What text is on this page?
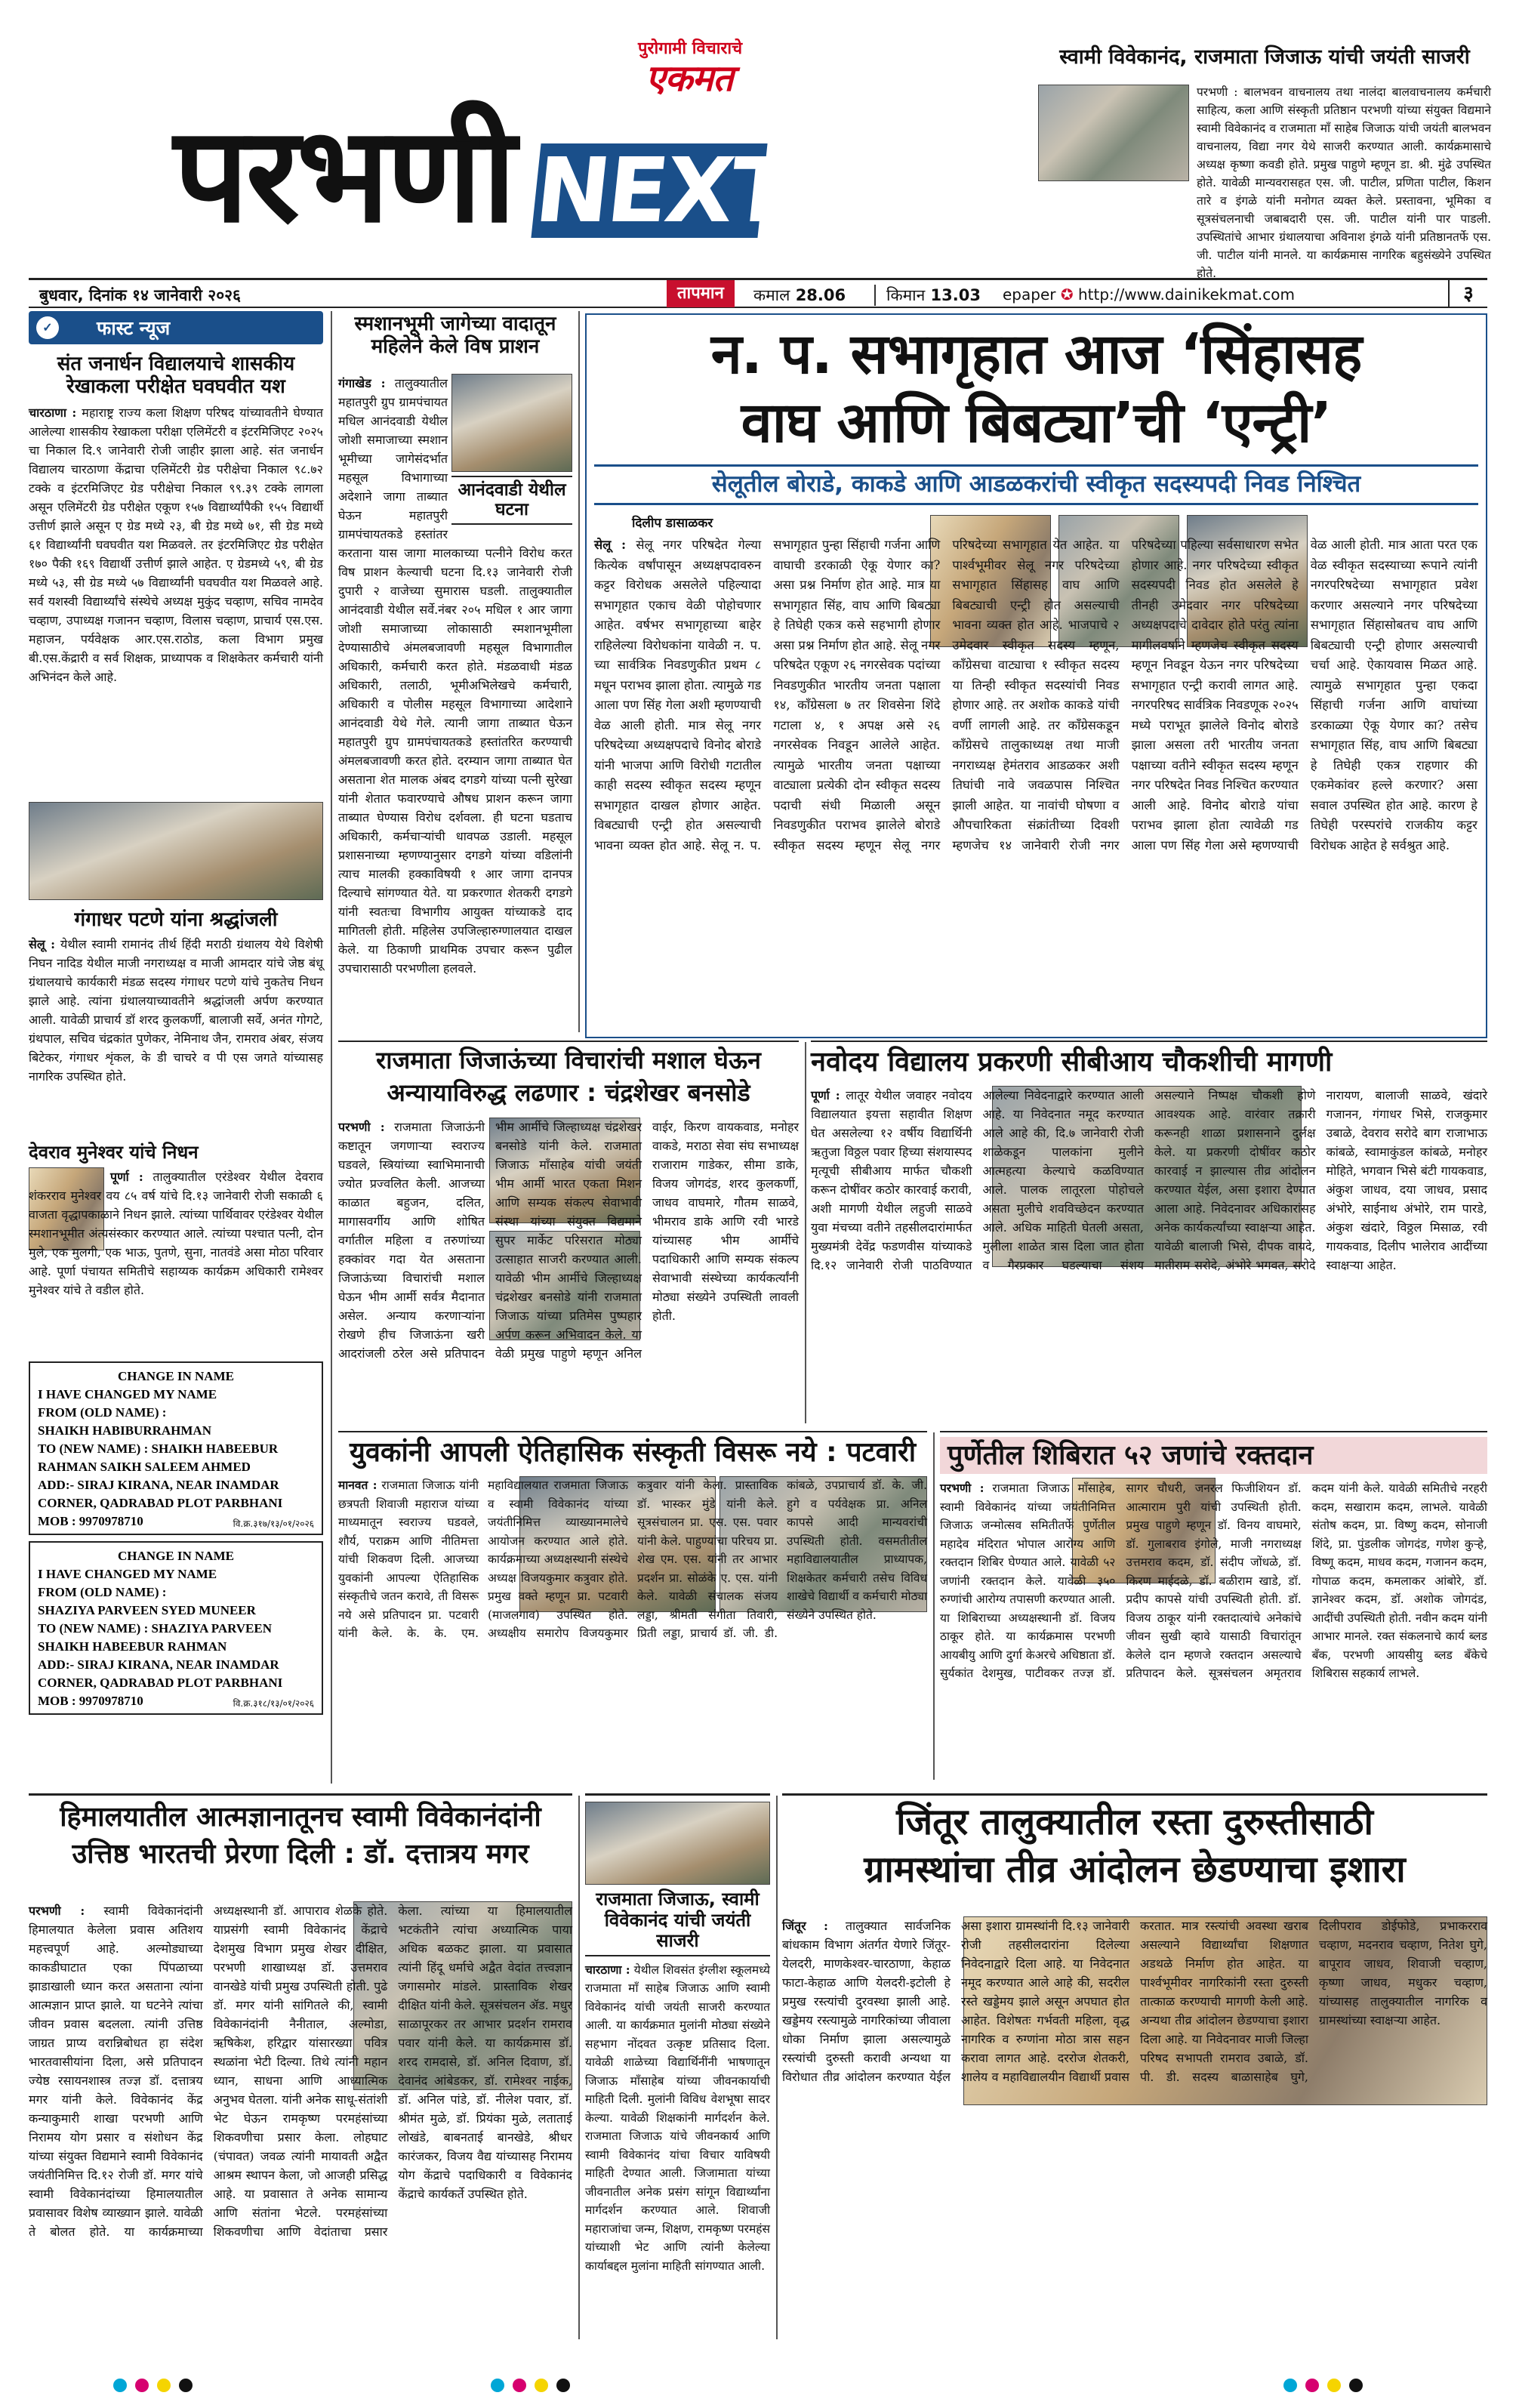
पुरोगामी विचाराचे
एकमत
परभणी NEXT
स्वामी विवेकानंद, राजमाता जिजाऊ यांची जयंती साजरी
परभणी : बालभवन वाचनालय तथा नालंदा बालवाचनालय कर्मचारी साहित्य, कला आणि संस्कृती प्रतिष्ठान परभणी यांच्या संयुक्त विद्यमाने स्वामी विवेकानंद व राजमाता माँ साहेब जिजाऊ यांची जयंती बालभवन वाचनालय, विद्या नगर येथे साजरी करण्यात आली. कार्यक्रमासाचे अध्यक्ष कृष्णा कवडी होते. प्रमुख पाहुणे म्हणून डा. श्री. मुंढे उपस्थित होते. यावेळी मान्यवरासहत एस. जी. पाटील, प्रणिता पाटील, किशन तारे व इंगळे यांनी मनोगत व्यक्त केले. प्रस्तावना, भूमिका व सूत्रसंचलनाची जबाबदारी एस. जी. पाटील यांनी पार पाडली. उपस्थितांचे आभार ग्रंथालयाचा अविनाश इंगळे यांनी प्रतिष्ठानतर्फे एस. जी. पाटील यांनी मानले. या कार्यक्रमास नागरिक बहुसंख्येने उपस्थित होते.
बुधवार, दिनांक १४ जानेवारी २०२६	तापमान	कमाल 28.06	किमान 13.03 epaper ✪ http://www.dainikekmat.com	३
✓	फास्ट न्यूज
संत जनार्धन विद्यालयाचे शासकीय रेखाकला परीक्षेत घवघवीत यश
चारठाणा : महाराष्ट्र राज्य कला शिक्षण परिषद यांच्यावतीने घेण्यात आलेल्या शासकीय रेखाकला परीक्षा एलिमेंटरी व इंटरमिजिएट २०२५ चा निकाल दि.९ जानेवारी रोजी जाहीर झाला आहे. संत जनार्धन विद्यालय चारठाणा केंद्राचा एलिमेंटरी ग्रेड परीक्षेचा निकाल ९८.७२ टक्के व इंटरमिजिएट ग्रेड परीक्षेचा निकाल ९९.३९ टक्के लागला असून एलिमेंटरी ग्रेड परीक्षेत एकूण १५७ विद्यार्थ्यांपैकी १५५ विद्यार्थी उत्तीर्ण झाले असून ए ग्रेड मध्ये २३, बी ग्रेड मध्ये ७१, सी ग्रेड मध्ये ६१ विद्यार्थ्यांनी घवघवीत यश मिळवले. तर इंटरमिजिएट ग्रेड परीक्षेत १७० पैकी १६९ विद्यार्थी उत्तीर्ण झाले आहेत. ए ग्रेडमध्ये ५९, बी ग्रेड मध्ये ५३, सी ग्रेड मध्ये ५७ विद्यार्थ्यांनी घवघवीत यश मिळवले आहे. सर्व यशस्वी विद्यार्थ्यांचे संस्थेचे अध्यक्ष मुकुंद चव्हाण, सचिव नामदेव चव्हाण, उपाध्यक्ष गजानन चव्हाण, विलास चव्हाण, प्राचार्य एस.एस. महाजन, पर्यवेक्षक आर.एस.राठोड, कला विभाग प्रमुख बी.एस.केंद्रारी व सर्व शिक्षक, प्राध्यापक व शिक्षकेतर कर्मचारी यांनी अभिनंदन केले आहे.
गंगाधर पटणे यांना श्रद्धांजली
सेलू : येथील स्वामी रामानंद तीर्थ हिंदी मराठी ग्रंथालय येथे विशेषी निघन नादिड येथील माजी नगराध्यक्ष व माजी आमदार यांचे जेष्ठ बंधू ग्रंथालयाचे कार्यकारी मंडळ सदस्य गंगाधर पटणे यांचे नुकतेच निधन झाले आहे. त्यांना ग्रंथालयाच्यावतीने श्रद्धांजली अर्पण करण्यात आली. यावेळी प्राचार्य डॉ शरद कुलकर्णी, बालाजी सर्वे, अनंत गोगटे, ग्रंथपाल, सचिव चंद्रकांत पुणेकर, नेमिनाथ जैन, रामराव अंबर, संजय बिटेकर, गंगाधर शृंकल, के डी चाचरे व पी एस जगते यांच्यासह नागरिक उपस्थित होते.
देवराव मुनेश्वर यांचे निधन
पूर्णा : तालुक्यातील एरंडेश्वर येथील देवराव शंकरराव मुनेश्वर वय ८५ वर्ष यांचे दि.१३ जानेवारी रोजी सकाळी ६ वाजता वृद्धापकाळाने निधन झाले. त्यांच्या पार्थिवावर एरंडेश्वर येथील स्मशानभूमीत अंत्यसंस्कार करण्यात आले. त्यांच्या पश्चात पत्नी, दोन मुले, एक मुलगी, एक भाऊ, पुतणे, सुना, नातवंडे असा मोठा परिवार आहे. पूर्णा पंचायत समितीचे सहाय्यक कार्यक्रम अधिकारी रामेश्वर मुनेश्वर यांचे ते वडील होते.
CHANGE IN NAME
I HAVE CHANGED MY NAME
FROM (OLD NAME) :
SHAIKH HABIBURRAHMAN
TO (NEW NAME) : SHAIKH HABEEBUR
RAHMAN SAIKH SALEEM AHMED
ADD:- SIRAJ KIRANA, NEAR INAMDAR
CORNER, QADRABAD PLOT PARBHANI
MOB : 9970978710	वि.क्र.३१७/१३/०१/२०२६
CHANGE IN NAME
I HAVE CHANGED MY NAME
FROM (OLD NAME) :
SHAZIYA PARVEEN SYED MUNEER
TO (NEW NAME) : SHAZIYA PARVEEN
SHAIKH HABEEBUR RAHMAN
ADD:- SIRAJ KIRANA, NEAR INAMDAR
CORNER, QADRABAD PLOT PARBHANI
MOB : 9970978710	वि.क्र.३१८/१३/०१/२०२६
स्मशानभूमी जागेच्या वादातून महिलेने केले विष प्राशन
आनंदवाडी येथील घटना
गंगाखेड : तालुक्यातील महातपुरी ग्रुप ग्रामपंचायत मधिल आनंदवाडी येथील जोशी समाजाच्या स्मशान भूमीच्या जागेसंदर्भात महसूल विभागाच्या अदेशाने जागा ताब्यात घेऊन महातपुरी ग्रामपंचायतकडे हस्तांतर करताना यास जागा मालकाच्या पत्नीने विरोध करत विष प्राशन केल्याची घटना दि.१३ जानेवारी रोजी दुपारी २ वाजेच्या सुमारास घडली. तालुक्यातील आनंदवाडी येथील सर्वे.नंबर २०५ मधिल १ आर जागा जोशी समाजाच्या लोकासाठी स्मशानभूमीला देण्यासाठीचे अंमलबजावणी महसूल विभागातील अधिकारी, कर्मचारी करत होते. मंडळवाधी मंडळ अधिकारी, तलाठी, भूमीअभिलेखचे कर्मचारी, अधिकारी व पोलीस महसूल विभागाच्या आदेशाने आनंदवाडी येथे गेले. त्यानी जागा ताब्यात घेऊन महातपुरी ग्रुप ग्रामपंचायतकडे हस्तांतरित करण्याची अंमलबजावणी करत होते. दरम्यान जागा ताब्यात घेत असताना शेत मालक अंबद दगडगे यांच्या पत्नी सुरेखा यांनी शेतात फवारण्याचे औषध प्राशन करून जागा ताब्यात घेण्यास विरोध दर्शवला. ही घटना घडताच अधिकारी, कर्मचाऱ्यांची धावपळ उडाली. महसूल प्रशासनाच्या म्हणण्यानुसार दगडगे यांच्या वडिलांनी त्याच मालकी हक्काविषयी १ आर जागा दानपत्र दिल्याचे सांगण्यात येते. या प्रकरणात शेतकरी दगडगे यांनी स्वतःचा विभागीय आयुक्त यांच्याकडे दाद मागितली होती. महिलेस उपजिल्हारुग्णालयात दाखल केले. या ठिकाणी प्राथमिक उपचार करून पुढील उपचारासाठी परभणीला हलवले.
न. प. सभागृहात आज ‘सिंहासह
वाघ आणि बिबट्या’ची ‘एन्ट्री’
सेलूतील बोराडे, काकडे आणि आडळकरांची स्वीकृत सदस्यपदी निवड निश्चित
दिलीप डासाळकर
सेलू : सेलू नगर परिषदेत गेल्या कित्येक वर्षांपासून अध्यक्षपदावरुन कट्टर विरोधक असलेले पहिल्यादा सभागृहात एकाच वेळी पोहोचणार आहेत. वर्षभर सभागृहाच्या बाहेर राहिलेल्या विरोधकांना यावेळी न. प. च्या सार्वत्रिक निवडणुकीत प्रथम ८ मधून पराभव झाला होता. त्यामुळे गड आला पण सिंह गेला अशी म्हणण्याची वेळ आली होती. मात्र सेलू नगर परिषदेच्या अध्यक्षपदाचे विनोद बोराडे यांनी भाजपा आणि विरोधी गटातील काही सदस्य स्वीकृत सदस्य म्हणून सभागृहात दाखल होणार आहेत. विबट्याची एन्ट्री होत असल्याची भावना व्यक्त होत आहे. सेलू न. प. सभागृहात पुन्हा सिंहाची गर्जना आणि वाघाची डरकाळी ऐकू येणार का? असा प्रश्न निर्माण होत आहे. मात्र या सभागृहात सिंह, वाघ आणि बिबट्या हे तिघेही एकत्र कसे सहभागी होणार असा प्रश्न निर्माण होत आहे. सेलू नगर परिषदेत एकूण २६ नगरसेवक पदांच्या निवडणुकीत भारतीय जनता पक्षाला १४, काँग्रेसला ७ तर शिवसेना शिंदे गटाला ४, १ अपक्ष असे २६ नगरसेवक निवडून आलेले आहेत. त्यामुळे भारतीय जनता पक्षाच्या वाट्याला प्रत्येकी दोन स्वीकृत सदस्य पदाची संधी मिळाली असून निवडणुकीत पराभव झालेले बोराडे स्वीकृत सदस्य म्हणून सेलू नगर परिषदेच्या सभागृहात येत आहेत. या पार्श्वभूमीवर सेलू नगर परिषदेच्या सभागृहात सिंहासह वाघ आणि बिबट्याची एन्ट्री होत असल्याची भावना व्यक्त होत आहे. भाजपाचे २ उमेदवार स्वीकृत सदस्य म्हणून, काँग्रेसचा वाट्याचा १ स्वीकृत सदस्य या तिन्ही स्वीकृत सदस्यांची निवड होणार आहे. तर अशोक काकडे यांची वर्णी लागली आहे. तर काँग्रेसकडून काँग्रेसचे तालुकाध्यक्ष तथा माजी नगराध्यक्ष हेमंतराव आडळकर अशी तिघांची नावे जवळपास निश्चित झाली आहेत. या नावांची घोषणा व औपचारिकता संक्रांतीच्या दिवशी म्हणजेच १४ जानेवारी रोजी नगर परिषदेच्या पहिल्या सर्वसाधारण सभेत होणार आहे. नगर परिषदेच्या स्वीकृत सदस्यपदी निवड होत असलेले हे तीनही उमेदवार नगर परिषदेच्या अध्यक्षपदाचे दावेदार होते परंतु त्यांना मागीलवर्षाने म्हणजेच स्वीकृत सदस्य म्हणून निवडून येऊन नगर परिषदेच्या सभागृहात एन्ट्री करावी लागत आहे. नगरपरिषद सार्वत्रिक निवडणूक २०२५ मध्ये पराभूत झालेले विनोद बोराडे झाला असला तरी भारतीय जनता पक्षाच्या वतीने स्वीकृत सदस्य म्हणून नगर परिषदेत निवड निश्चित करण्यात आली आहे. विनोद बोराडे यांचा पराभव झाला होता त्यावेळी गड आला पण सिंह गेला असे म्हणण्याची वेळ आली होती. मात्र आता परत एक वेळ स्वीकृत सदस्याच्या रूपाने त्यांनी नगरपरिषदेच्या सभागृहात प्रवेश करणार असल्याने नगर परिषदेच्या सभागृहात सिंहासोबतच वाघ आणि बिबट्याची एन्ट्री होणार असल्याची चर्चा आहे. ऐकायवास मिळत आहे. त्यामुळे सभागृहात पुन्हा एकदा सिंहाची गर्जना आणि वाघांच्या डरकाळ्या ऐकू येणार का? तसेच सभागृहात सिंह, वाघ आणि बिबट्या हे तिघेही एकत्र राहणार की एकमेकांवर हल्ले करणार? असा सवाल उपस्थित होत आहे. कारण हे तिघेही परस्परांचे राजकीय कट्टर विरोधक आहेत हे सर्वश्रुत आहे.
राजमाता जिजाऊंच्या विचारांची मशाल घेऊन
अन्यायाविरुद्ध लढणार : चंद्रशेखर बनसोडे
परभणी : राजमाता जिजाऊंनी कष्टातून जगणाऱ्या स्वराज्य घडवले, स्त्रियांच्या स्वाभिमानाची ज्योत प्रज्वलित केली. आजच्या काळात बहुजन, दलित, मागासवर्गीय आणि शोषित वर्गातील महिला व तरुणांच्या हक्कांवर गदा येत असताना जिजाऊंच्या विचारांची मशाल घेऊन भीम आर्मी सर्वत्र मैदानात असेल. अन्याय करणाऱ्यांना रोखणे हीच जिजाऊंना खरी आदरांजली ठरेल असे प्रतिपादन भीम आर्मीचे जिल्हाध्यक्ष चंद्रशेखर बनसोडे यांनी केले. राजमाता जिजाऊ माँसाहेब यांची जयंती भीम आर्मी भारत एकता मिशन आणि सम्यक संकल्प सेवाभावी संस्था यांच्या संयुक्त विद्यमाने सुपर मार्केट परिसरात मोठ्या उत्साहात साजरी करण्यात आली. यावेळी भीम आर्मीचे जिल्हाध्यक्ष चंद्रशेखर बनसोडे यांनी राजमाता जिजाऊ यांच्या प्रतिमेस पुष्पहार अर्पण करून अभिवादन केले. या वेळी प्रमुख पाहुणे म्हणून अनिल वाईर, किरण वायकवाड, मनोहर वाकडे, मराठा सेवा संघ सभाध्यक्ष राजाराम गाडेकर, सीमा डाके, विजय जोगदंड, शरद कुलकर्णी, जाधव वाघमारे, गौतम साळवे, भीमराव डाके आणि रवी भारडे यांच्यासह भीम आर्मीचे पदाधिकारी आणि सम्यक संकल्प सेवाभावी संस्थेच्या कार्यकर्त्यांनी मोठ्या संख्येने उपस्थिती लावली होती.
नवोदय विद्यालय प्रकरणी सीबीआय चौकशीची मागणी
पूर्णा : लातूर येथील जवाहर नवोदय विद्यालयात इयत्ता सहावीत शिक्षण घेत असलेल्या १२ वर्षीय विद्यार्थिनी ऋतुजा विठ्ठल पवार हिच्या संशयास्पद मृत्यूची सीबीआय मार्फत चौकशी करून दोषींवर कठोर कारवाई करावी, अशी मागणी येथील लहुजी साळवे युवा मंचच्या वतीने तहसीलदारांमार्फत मुख्यमंत्री देवेंद्र फडणवीस यांच्याकडे दि.१२ जानेवारी रोजी पाठविण्यात आलेल्या निवेदनाद्वारे करण्यात आली आहे. या निवेदनात नमूद करण्यात आले आहे की, दि.७ जानेवारी रोजी शाळेकडून पालकांना मुलीने आत्महत्या केल्याचे कळविण्यात आले. पालक लातूरला पोहोचले असता मुलीचे शवविच्छेदन करण्यात आले. अधिक माहिती घेतली असता, मुलीला शाळेत त्रास दिला जात होता व गैरप्रकार घडल्याचा संशय असल्याने निष्पक्ष चौकशी होणे आवश्यक आहे. वारंवार तक्रारी करूनही शाळा प्रशासनाने दुर्लक्ष केले. या प्रकरणी दोषींवर कठोर कारवाई न झाल्यास तीव्र आंदोलन करण्यात येईल, असा इशारा देण्यात आला आहे. निवेदनावर अधिकारांसह अनेक कार्यकर्त्यांच्या स्वाक्षऱ्या आहेत. यावेळी बालाजी भिसे, दीपक वायदे, मातीराम सरोदे, अंभोरे भगवत, सरोदे नारायण, बालाजी साळवे, खंदारे गजानन, गंगाधर भिसे, राजकुमार उबाळे, देवराव सरोदे बाग राजाभाऊ कांबळे, स्वामाकुंडल कांबळे, मनोहर मोहिते, भगवान भिसे बंटी गायकवाड, अंकुश जाधव, दया जाधव, प्रसाद अंभोरे, साईनाथ अंभोरे, राम पारडे, अंकुश खंदारे, विठ्ठल मिसाळ, रवी गायकवाड, दिलीप भालेराव आदींच्या स्वाक्षऱ्या आहेत.
युवकांनी आपली ऐतिहासिक संस्कृती विसरू नये : पटवारी
मानवत : राजमाता जिजाऊ यांनी छत्रपती शिवाजी महाराज यांच्या माध्यमातून स्वराज्य घडवले, शौर्य, पराक्रम आणि नीतिमत्ता यांची शिकवण दिली. आजच्या युवकांनी आपल्या ऐतिहासिक संस्कृतीचे जतन करावे, ती विसरू नये असे प्रतिपादन प्रा. पटवारी यांनी केले. के. के. एम. महाविद्यालयात राजमाता जिजाऊ व स्वामी विवेकानंद यांच्या जयंतीनिमित्त व्याख्यानमालेचे आयोजन करण्यात आले होते. कार्यक्रमाच्या अध्यक्षस्थानी संस्थेचे अध्यक्ष विजयकुमार कत्रुवार होते. प्रमुख वक्ते म्हणून प्रा. पटवारी (माजलगाव) उपस्थित होते. अध्यक्षीय समारोप विजयकुमार कत्रुवार यांनी केला. प्रास्ताविक डॉ. भास्कर मुंडे यांनी केले. सूत्रसंचालन प्रा. एस. एस. पवार यांनी केले. पाहुण्यांचा परिचय प्रा. शेख एम. एस. यांनी तर आभार प्रदर्शन प्रा. सोळंके ए. एस. यांनी केले. यावेळी संचालक संजय लड्डा, श्रीमती संगीता तिवारी, प्रिती लड्डा, प्राचार्य डॉ. जी. डी. कांबळे, उपप्राचार्य डॉ. के. जी. हुगे व पर्यवेक्षक प्रा. अनिल कापसे आदी मान्यवरांची उपस्थिती होती. वसमतीतील महाविद्यालयातील प्राध्यापक, शिक्षकेतर कर्मचारी तसेच विविध शाखेचे विद्यार्थी व कर्मचारी मोठ्या संख्येने उपस्थित होते.
पुर्णेतील शिबिरात ५२ जणांचे रक्तदान
परभणी : राजमाता जिजाऊ माँसाहेब, स्वामी विवेकानंद यांच्या जयंतीनिमित्त जिजाऊ जन्मोत्सव समितीतर्फे पुर्णेतील महादेव मंदिरात भोपाल आरोग्य आणि रक्तदान शिबिर घेण्यात आले. यावेळी ५२ जणांनी रक्तदान केले. यावेळी ३५० रुग्णांची आरोग्य तपासणी करण्यात आली. या शिबिराच्या अध्यक्षस्थानी डॉ. विजय ठाकूर होते. या कार्यक्रमास परभणी आयबीयु आणि दुर्गा केअरचे अधिष्ठाता डॉ. सुर्यकांत देशमुख, पाटीवकर तज्ज्ञ डॉ. सागर चौधरी, जनरल फिजीशियन डॉ. आत्माराम पुरी यांची उपस्थिती होती. प्रमुख पाहुणे म्हणून डॉ. विनय वाघमारे, डॉ. गुलाबराव इंगोले, माजी नगराध्यक्ष उत्तमराव कदम, डॉ. संदीप जोंधळे, डॉ. किरण माईदळे, डॉ. बळीराम खाडे, डॉ. प्रदीप कापसे यांची उपस्थिती होती. डॉ. विजय ठाकूर यांनी रक्तदात्यांचे अनेकांचे जीवन सुखी व्हावे यासाठी विचारांतून केलेले दान म्हणजे रक्तदान असल्याचे प्रतिपादन केले. सूत्रसंचलन अमृतराव कदम यांनी केले. यावेळी समितीचे नरहरी कदम, सखाराम कदम, लाभले. यावेळी संतोष कदम, प्रा. विष्णु कदम, सोनाजी शिंदे, प्रा. पुंडलीक जोगदंड, गणेश कुऱ्हे, विष्णू कदम, माधव कदम, गजानन कदम, गोपाळ कदम, कमलाकर आंबोरे, डॉ. ज्ञानेश्वर कदम, डॉ. अशोक जोगदंड, आदींची उपस्थिती होती. नवीन कदम यांनी आभार मानले. रक्त संकलनाचे कार्य ब्लड बँक, परभणी आयसीयु ब्लड बँकेचे शिबिरास सहकार्य लाभले.
हिमालयातील आत्मज्ञानातूनच स्वामी विवेकानंदांनी
उत्तिष्ठ भारतची प्रेरणा दिली : डॉ. दत्तात्रय मगर
परभणी : स्वामी विवेकानंदांनी हिमालयात केलेला प्रवास अतिशय महत्त्वपूर्ण आहे. अल्मोड्याच्या काकडीघाटात एका पिंपळाच्या झाडाखाली ध्यान करत असताना त्यांना आत्मज्ञान प्राप्त झाले. या घटनेने त्यांचा जीवन प्रवास बदलला. त्यांनी उत्तिष्ठ जाग्रत प्राप्य वरान्निबोधत हा संदेश भारतवासीयांना दिला, असे प्रतिपादन ज्येष्ठ रसायनशास्त्र तज्ज्ञ डॉ. दत्तात्रय मगर यांनी केले. विवेकानंद केंद्र कन्याकुमारी शाखा परभणी आणि निरामय योग प्रसार व संशोधन केंद्र यांच्या संयुक्त विद्यमाने स्वामी विवेकानंद जयंतीनिमित्त दि.१२ रोजी डॉ. मगर यांचे स्वामी विवेकानंदांच्या हिमालयातील प्रवासावर विशेष व्याख्यान झाले. यावेळी ते बोलत होते. या कार्यक्रमाच्या अध्यक्षस्थानी डॉ. आपाराव शेळके होते. याप्रसंगी स्वामी विवेकानंद केंद्राचे देशमुख विभाग प्रमुख शेखर दीक्षित, परभणी शाखाध्यक्ष डॉ. उत्तमराव वानखेडे यांची प्रमुख उपस्थिती होती. पुढे डॉ. मगर यांनी सांगितले की, स्वामी विवेकानंदांनी नैनीताल, अल्मोडा, ऋषिकेश, हरिद्वार यांसारख्या पवित्र स्थळांना भेटी दिल्या. तिथे त्यांनी महान ध्यान, साधना आणि आध्यात्मिक अनुभव घेतला. यांनी अनेक साधू-संतांशी भेट घेऊन रामकृष्ण परमहंसांच्या शिकवणीचा प्रसार केला. लोहघाट (चंपावत) जवळ त्यांनी मायावती अद्वैत आश्रम स्थापन केला, जो आजही प्रसिद्ध आहे. या प्रवासात ते अनेक सामान्य आणि संतांना भेटले. परमहंसांच्या शिकवणीचा आणि वेदांताचा प्रसार केला. त्यांच्या या हिमालयातील भटकंतीने त्यांचा अध्यात्मिक पाया अधिक बळकट झाला. या प्रवासात त्यांनी हिंदू धर्माचे अद्वैत वेदांत तत्त्वज्ञान जगासमोर मांडले. प्रास्ताविक शेखर दीक्षित यांनी केले. सूत्रसंचलन ॲड. मधुर साळापूरकर तर आभार प्रदर्शन रामराव पवार यांनी केले. या कार्यक्रमास डॉ. शरद रामदासे, डॉ. अनिल दिवाण, डॉ. देवानंद आंबेडकर, डॉ. रामेश्वर नाईक, डॉ. अनिल पांडे, डॉ. नीलेश पवार, डॉ. श्रीमंत मुळे, डॉ. प्रियंका मुळे, लताताई लोखंडे, बाबनताई बानखेडे, श्रीधर कारंजकर, विजय वैद्य यांच्यासह निरामय योग केंद्राचे पदाधिकारी व विवेकानंद केंद्राचे कार्यकर्ते उपस्थित होते.
राजमाता जिजाऊ, स्वामी विवेकानंद यांची जयंती साजरी
चारठाणा : येथील शिवसंत इंग्लीश स्कूलमध्ये राजमाता माँ साहेब जिजाऊ आणि स्वामी विवेकानंद यांची जयंती साजरी करण्यात आली. या कार्यक्रमात मुलांनी मोठ्या संख्येने सहभाग नोंदवत उत्कृष्ट प्रतिसाद दिला. यावेळी शाळेच्या विद्यार्थिनींनी भाषणातून जिजाऊ माँसाहेब यांच्या जीवनकार्याची माहिती दिली. मुलांनी विविध वेशभूषा सादर केल्या. यावेळी शिक्षकांनी मार्गदर्शन केले. राजमाता जिजाऊ यांचे जीवनकार्य आणि स्वामी विवेकानंद यांचा विचार याविषयी माहिती देण्यात आली. जिजामाता यांच्या जीवनातील अनेक प्रसंग सांगून विद्यार्थ्यांना मार्गदर्शन करण्यात आले. शिवाजी महाराजांचा जन्म, शिक्षण, रामकृष्ण परमहंस यांच्याशी भेट आणि त्यांनी केलेल्या कार्याबद्दल मुलांना माहिती सांगण्यात आली.
जिंतूर तालुक्यातील रस्ता दुरुस्तीसाठी
ग्रामस्थांचा तीव्र आंदोलन छेडण्याचा इशारा
जिंतूर : तालुक्यात सार्वजनिक बांधकाम विभाग अंतर्गत येणारे जिंतूर-येलदरी, माणकेश्वर-चारठाणा, केहाळ फाटा-केहाळ आणि येलदरी-इटोली हे प्रमुख रस्त्यांची दुरवस्था झाली आहे. खड्डेमय रस्त्यामुळे नागरिकांच्या जीवाला धोका निर्माण झाला असल्यामुळे रस्त्यांची दुरुस्ती करावी अन्यथा या विरोधात तीव्र आंदोलन करण्यात येईल असा इशारा ग्रामस्थांनी दि.१३ जानेवारी रोजी तहसीलदारांना दिलेल्या निवेदनाद्वारे दिला आहे. या निवेदनात नमूद करण्यात आले आहे की, सदरील रस्ते खड्डेमय झाले असून अपघात होत आहेत. विशेषतः गर्भवती महिला, वृद्ध नागरिक व रुग्णांना मोठा त्रास सहन करावा लागत आहे. दररोज शेतकरी, शालेय व महाविद्यालयीन विद्यार्थी प्रवास करतात. मात्र रस्त्यांची अवस्था खराब असल्याने विद्यार्थ्यांचा शिक्षणात अडथळे निर्माण होत आहेत. या पार्श्वभूमीवर नागरिकांनी रस्ता दुरुस्ती तात्काळ करण्याची मागणी केली आहे. अन्यथा तीव्र आंदोलन छेडण्याचा इशारा दिला आहे. या निवेदनावर माजी जिल्हा परिषद सभापती रामराव उबाळे, डॉ. पी. डी. सदस्य बाळासाहेब घुगे, दिलीपराव डोईफोडे, प्रभाकरराव चव्हाण, मदनराव चव्हाण, नितेश घुगे, बापूराव जाधव, शिवाजी चव्हाण, कृष्णा जाधव, मधुकर चव्हाण, यांच्यासह तालुक्यातील नागरिक व ग्रामस्थांच्या स्वाक्षऱ्या आहेत.
